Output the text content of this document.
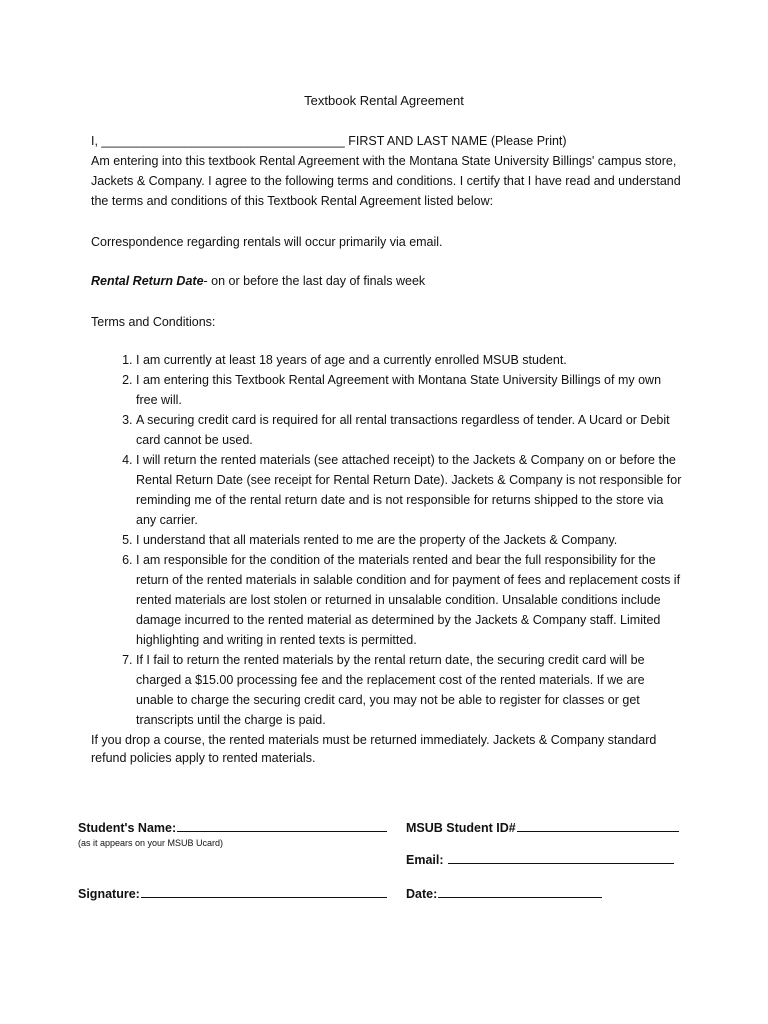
Textbook Rental Agreement
I, ___________________________________ FIRST AND LAST NAME (Please Print)
Am entering into this textbook Rental Agreement with the Montana State University Billings' campus store, Jackets & Company. I agree to the following terms and conditions. I certify that I have read and understand the terms and conditions of this Textbook Rental Agreement listed below:
Correspondence regarding rentals will occur primarily via email.
Rental Return Date- on or before the last day of finals week
Terms and Conditions:
1. I am currently at least 18 years of age and a currently enrolled MSUB student.
2. I am entering this Textbook Rental Agreement with Montana State University Billings of my own free will.
3. A securing credit card is required for all rental transactions regardless of tender. A Ucard or Debit card cannot be used.
4. I will return the rented materials (see attached receipt) to the Jackets & Company on or before the Rental Return Date (see receipt for Rental Return Date). Jackets & Company is not responsible for reminding me of the rental return date and is not responsible for returns shipped to the store via any carrier.
5. I understand that all materials rented to me are the property of the Jackets & Company.
6. I am responsible for the condition of the materials rented and bear the full responsibility for the return of the rented materials in salable condition and for payment of fees and replacement costs if rented materials are lost stolen or returned in unsalable condition. Unsalable conditions include damage incurred to the rented material as determined by the Jackets & Company staff. Limited highlighting and writing in rented texts is permitted.
7. If I fail to return the rented materials by the rental return date, the securing credit card will be charged a $15.00 processing fee and the replacement cost of the rented materials. If we are unable to charge the securing credit card, you may not be able to register for classes or get transcripts until the charge is paid.
If you drop a course, the rented materials must be returned immediately. Jackets & Company standard refund policies apply to rented materials.
Student's Name:
(as it appears on your MSUB Ucard)
MSUB Student ID#
Email:
Signature:	Date:
